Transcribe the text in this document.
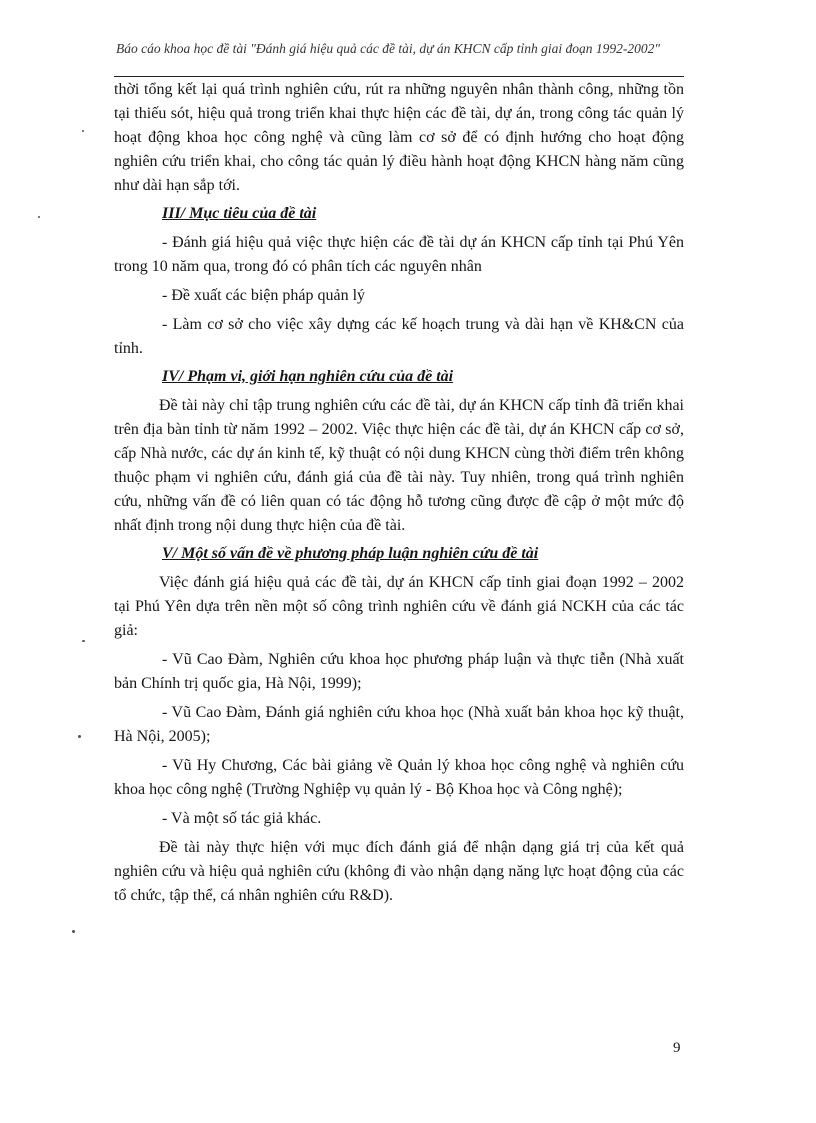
Báo cáo khoa học đề tài "Đánh giá hiệu quả các đề tài, dự án KHCN cấp tỉnh giai đoạn 1992-2002"

thời tổng kết lại quá trình nghiên cứu, rút ra những nguyên nhân thành công, những tồn tại thiếu sót, hiệu quả trong triển khai thực hiện các đề tài, dự án, trong công tác quản lý hoạt động khoa học công nghệ và cũng làm cơ sở để có định hướng cho hoạt động nghiên cứu triển khai, cho công tác quản lý điều hành hoạt động KHCN hàng năm cũng như dài hạn sắp tới.

III/ Mục tiêu của đề tài

- Đánh giá hiệu quả việc thực hiện các đề tài dự án KHCN cấp tỉnh tại Phú Yên trong 10 năm qua, trong đó có phân tích các nguyên nhân

- Đề xuất các biện pháp quản lý

- Làm cơ sở cho việc xây dựng các kế hoạch trung và dài hạn về KH&CN của tỉnh.

IV/ Phạm vi, giới hạn nghiên cứu của đề tài

Đề tài này chỉ tập trung nghiên cứu các đề tài, dự án KHCN cấp tỉnh đã triển khai trên địa bàn tỉnh từ năm 1992 – 2002. Việc thực hiện các đề tài, dự án KHCN cấp cơ sở, cấp Nhà nước, các dự án kinh tế, kỹ thuật có nội dung KHCN cùng thời điểm trên không thuộc phạm vi nghiên cứu, đánh giá của đề tài này. Tuy nhiên, trong quá trình nghiên cứu, những vấn đề có liên quan có tác động hỗ tương cũng được đề cập ở một mức độ nhất định trong nội dung thực hiện của đề tài.

V/ Một số vấn đề về phương pháp luận nghiên cứu đề tài

Việc đánh giá hiệu quả các đề tài, dự án KHCN cấp tỉnh giai đoạn 1992 – 2002 tại Phú Yên dựa trên nền một số công trình nghiên cứu về đánh giá NCKH của các tác giả:

- Vũ Cao Đàm, Nghiên cứu khoa học phương pháp luận và thực tiễn (Nhà xuất bản Chính trị quốc gia, Hà Nội, 1999);

- Vũ Cao Đàm, Đánh giá nghiên cứu khoa học (Nhà xuất bản khoa học kỹ thuật, Hà Nội, 2005);

- Vũ Hy Chương, Các bài giảng về Quản lý khoa học công nghệ và nghiên cứu khoa học công nghệ (Trường Nghiệp vụ quản lý - Bộ Khoa học và Công nghệ);

- Và một số tác giả khác.

Đề tài này thực hiện với mục đích đánh giá để nhận dạng giá trị của kết quả nghiên cứu và hiệu quả nghiên cứu (không đi vào nhận dạng năng lực hoạt động của các tổ chức, tập thể, cá nhân nghiên cứu R&D).

9
